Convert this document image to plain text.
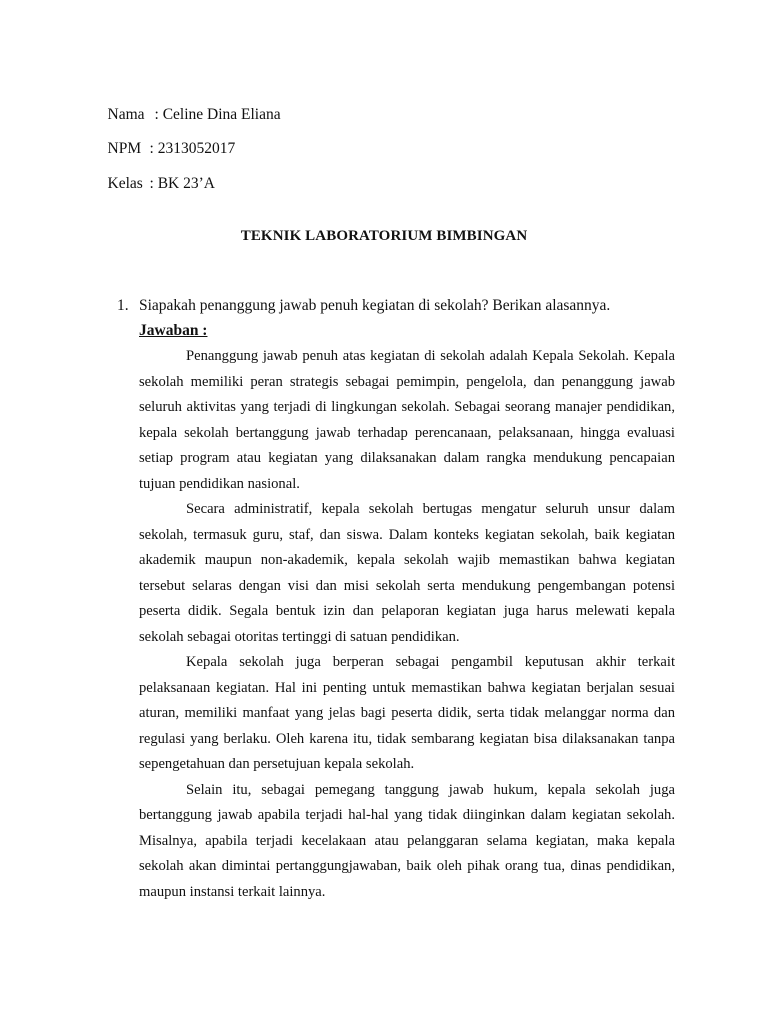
Nama : Celine Dina Eliana

NPM : 2313052017

Kelas : BK 23’A

TEKNIK LABORATORIUM BIMBINGAN
1. Siapakah penanggung jawab penuh kegiatan di sekolah? Berikan alasannya.
Jawaban :

Penanggung jawab penuh atas kegiatan di sekolah adalah Kepala Sekolah. Kepala sekolah memiliki peran strategis sebagai pemimpin, pengelola, dan penanggung jawab seluruh aktivitas yang terjadi di lingkungan sekolah. Sebagai seorang manajer pendidikan, kepala sekolah bertanggung jawab terhadap perencanaan, pelaksanaan, hingga evaluasi setiap program atau kegiatan yang dilaksanakan dalam rangka mendukung pencapaian tujuan pendidikan nasional.

Secara administratif, kepala sekolah bertugas mengatur seluruh unsur dalam sekolah, termasuk guru, staf, dan siswa. Dalam konteks kegiatan sekolah, baik kegiatan akademik maupun non-akademik, kepala sekolah wajib memastikan bahwa kegiatan tersebut selaras dengan visi dan misi sekolah serta mendukung pengembangan potensi peserta didik. Segala bentuk izin dan pelaporan kegiatan juga harus melewati kepala sekolah sebagai otoritas tertinggi di satuan pendidikan.

Kepala sekolah juga berperan sebagai pengambil keputusan akhir terkait pelaksanaan kegiatan. Hal ini penting untuk memastikan bahwa kegiatan berjalan sesuai aturan, memiliki manfaat yang jelas bagi peserta didik, serta tidak melanggar norma dan regulasi yang berlaku. Oleh karena itu, tidak sembarang kegiatan bisa dilaksanakan tanpa sepengetahuan dan persetujuan kepala sekolah.

Selain itu, sebagai pemegang tanggung jawab hukum, kepala sekolah juga bertanggung jawab apabila terjadi hal-hal yang tidak diinginkan dalam kegiatan sekolah. Misalnya, apabila terjadi kecelakaan atau pelanggaran selama kegiatan, maka kepala sekolah akan dimintai pertanggungjawaban, baik oleh pihak orang tua, dinas pendidikan, maupun instansi terkait lainnya.
